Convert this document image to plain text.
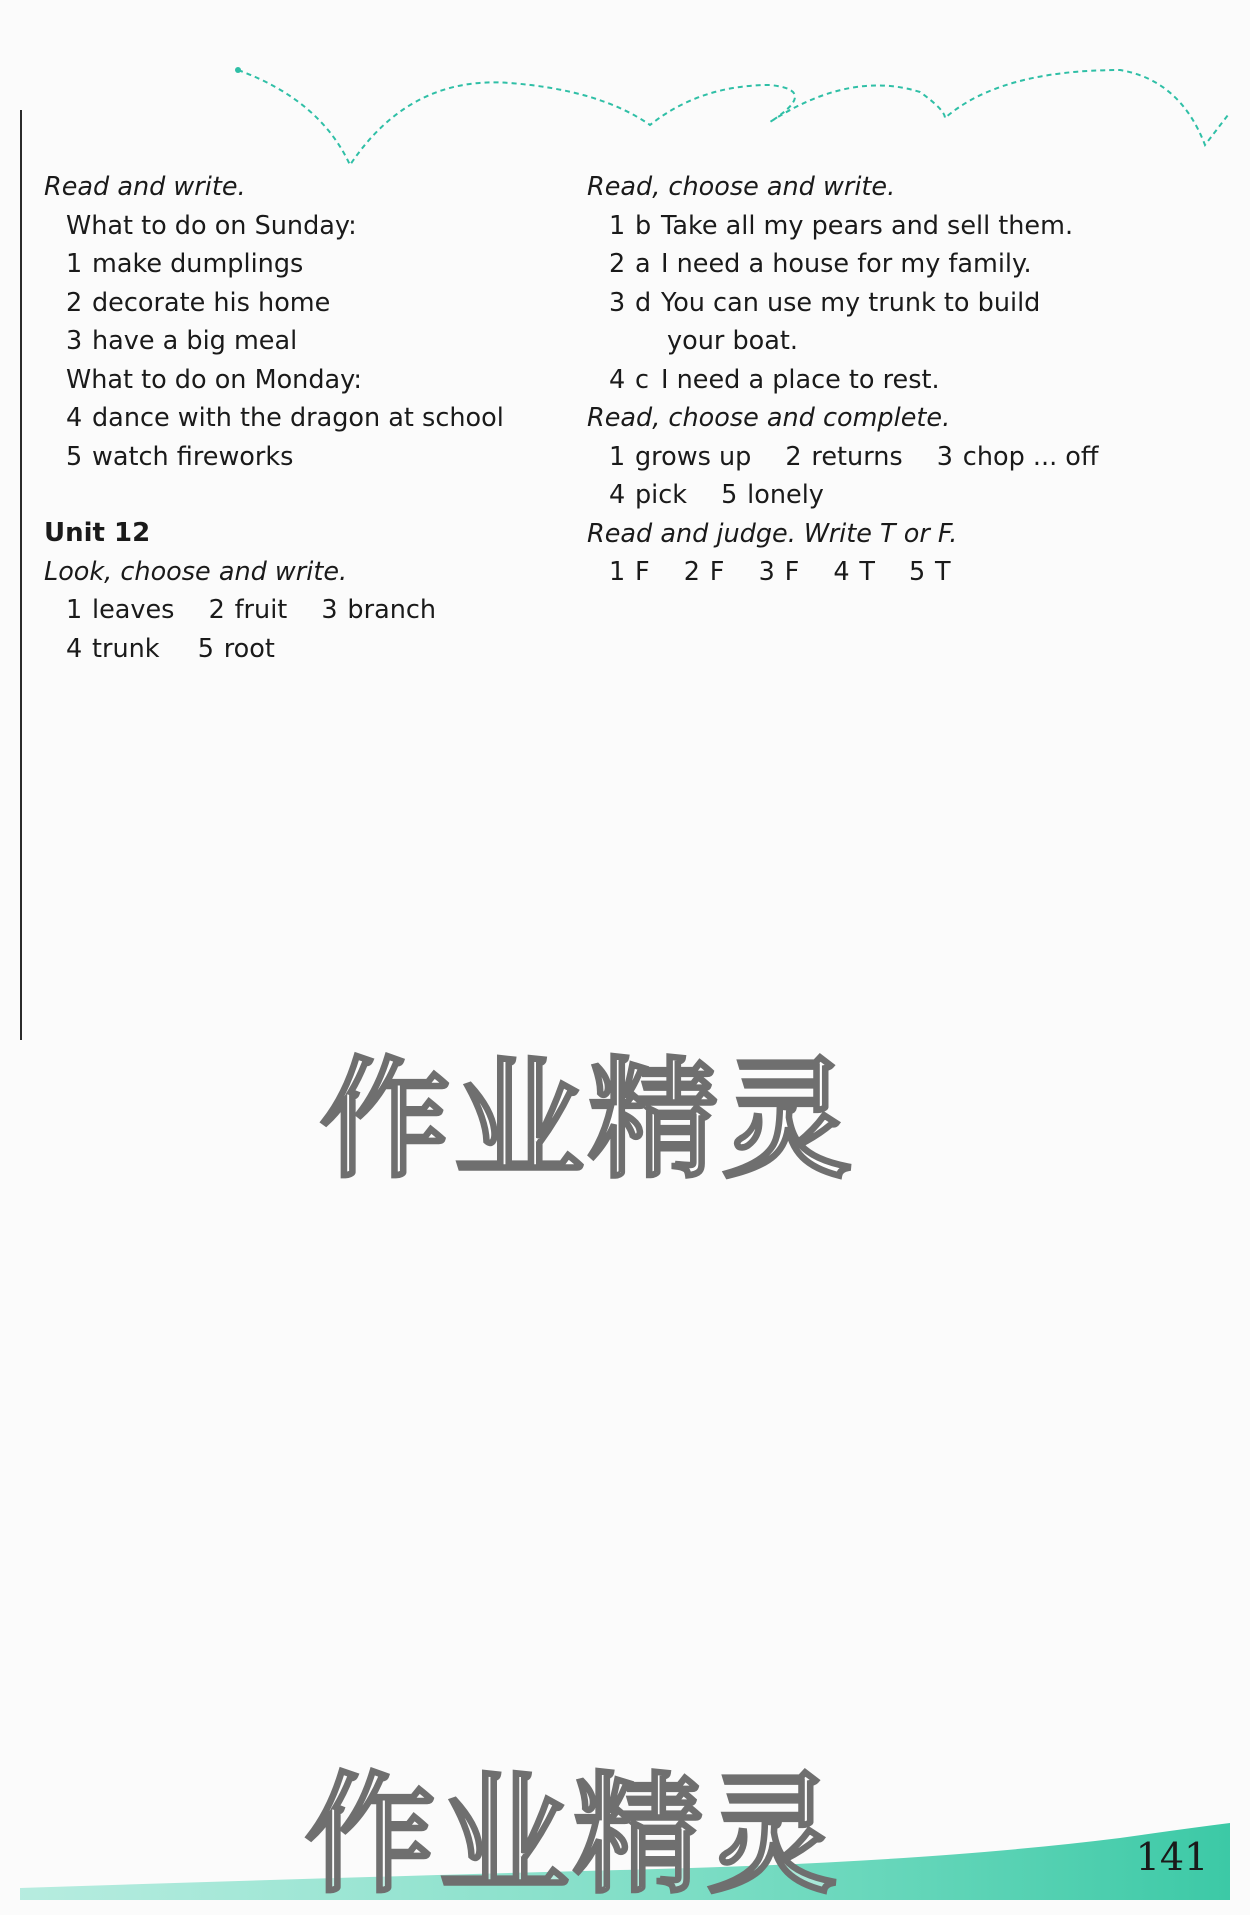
Read and write.
What to do on Sunday:
1 make dumplings
2 decorate his home
3 have a big meal
What to do on Monday:
4 dance with the dragon at school
5 watch fireworks
Unit 12
Look, choose and write.
1 leaves 2 fruit 3 branch
4 trunk 5 root
Read, choose and write.
1 b Take all my pears and sell them.
2 a I need a house for my family.
3 d You can use my trunk to build
your boat.
4 c I need a place to rest.
Read, choose and complete.
1 grows up 2 returns 3 chop ... off
4 pick 5 lonely
Read and judge. Write T or F.
1 F 2 F 3 F 4 T 5 T
作业精灵
作业精灵	141
